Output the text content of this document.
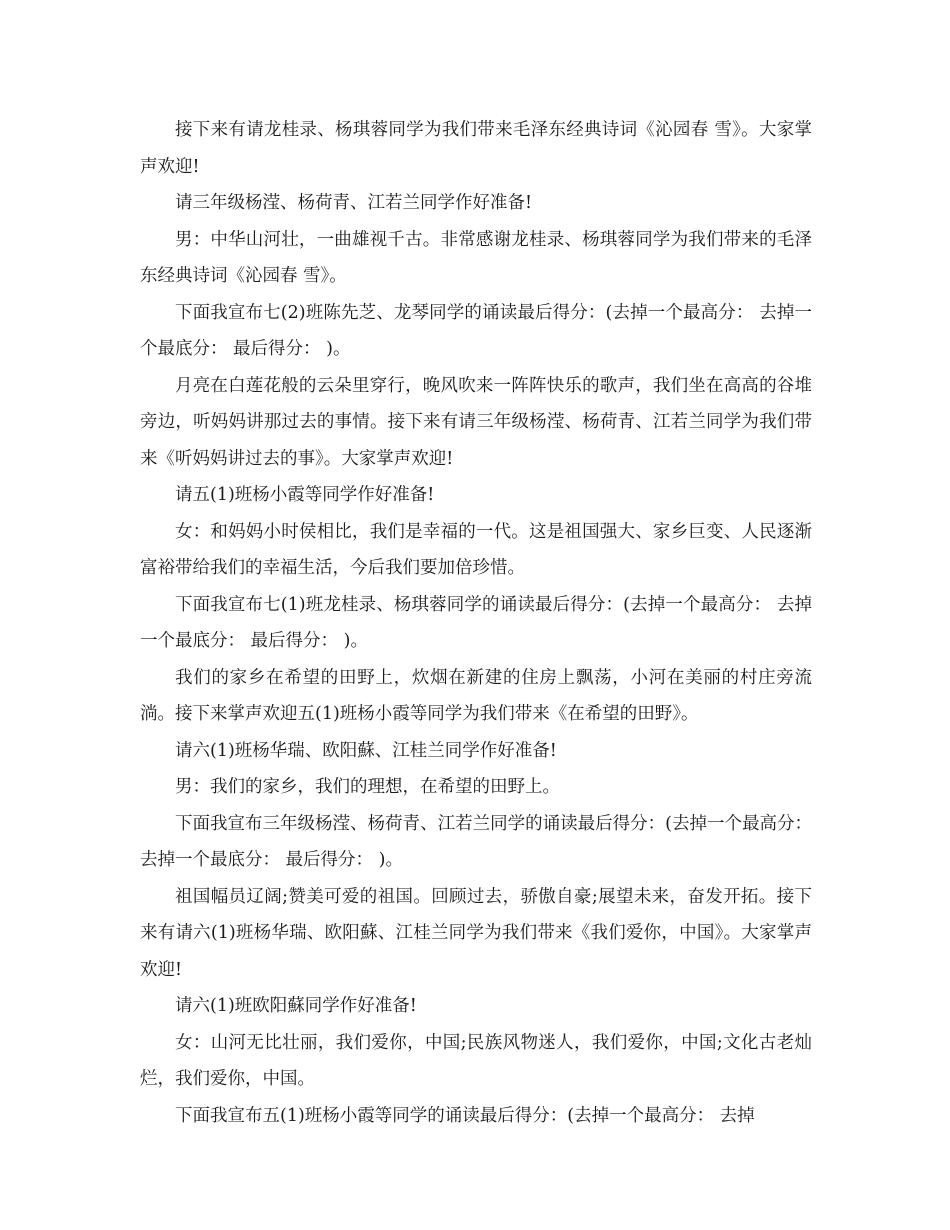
接下来有请龙桂录、杨琪蓉同学为我们带来毛泽东经典诗词《沁园春 雪》。大家掌声欢迎!

请三年级杨滢、杨荷青、江若兰同学作好准备!

男：中华山河壮，一曲雄视千古。非常感谢龙桂录、杨琪蓉同学为我们带来的毛泽东经典诗词《沁园春 雪》。

下面我宣布七(2)班陈先芝、龙琴同学的诵读最后得分：(去掉一个最高分： 去掉一个最底分： 最后得分： )。

月亮在白莲花般的云朵里穿行，晚风吹来一阵阵快乐的歌声，我们坐在高高的谷堆旁边，听妈妈讲那过去的事情。接下来有请三年级杨滢、杨荷青、江若兰同学为我们带来《听妈妈讲过去的事》。大家掌声欢迎!

请五(1)班杨小霞等同学作好准备!

女：和妈妈小时侯相比，我们是幸福的一代。这是祖国强大、家乡巨变、人民逐渐富裕带给我们的幸福生活，今后我们要加倍珍惜。

下面我宣布七(1)班龙桂录、杨琪蓉同学的诵读最后得分：(去掉一个最高分： 去掉一个最底分： 最后得分： )。

我们的家乡在希望的田野上，炊烟在新建的住房上飘荡，小河在美丽的村庄旁流淌。接下来掌声欢迎五(1)班杨小霞等同学为我们带来《在希望的田野》。

请六(1)班杨华瑞、欧阳蘇、江桂兰同学作好准备!

男：我们的家乡，我们的理想，在希望的田野上。

下面我宣布三年级杨滢、杨荷青、江若兰同学的诵读最后得分：(去掉一个最高分： 去掉一个最底分： 最后得分： )。

祖国幅员辽阔;赞美可爱的祖国。回顾过去，骄傲自豪;展望未来，奋发开拓。接下来有请六(1)班杨华瑞、欧阳蘇、江桂兰同学为我们带来《我们爱你，中国》。大家掌声欢迎!

请六(1)班欧阳蘇同学作好准备!

女：山河无比壮丽，我们爱你，中国;民族风物迷人，我们爱你，中国;文化古老灿烂，我们爱你，中国。

下面我宣布五(1)班杨小霞等同学的诵读最后得分：(去掉一个最高分： 去掉
